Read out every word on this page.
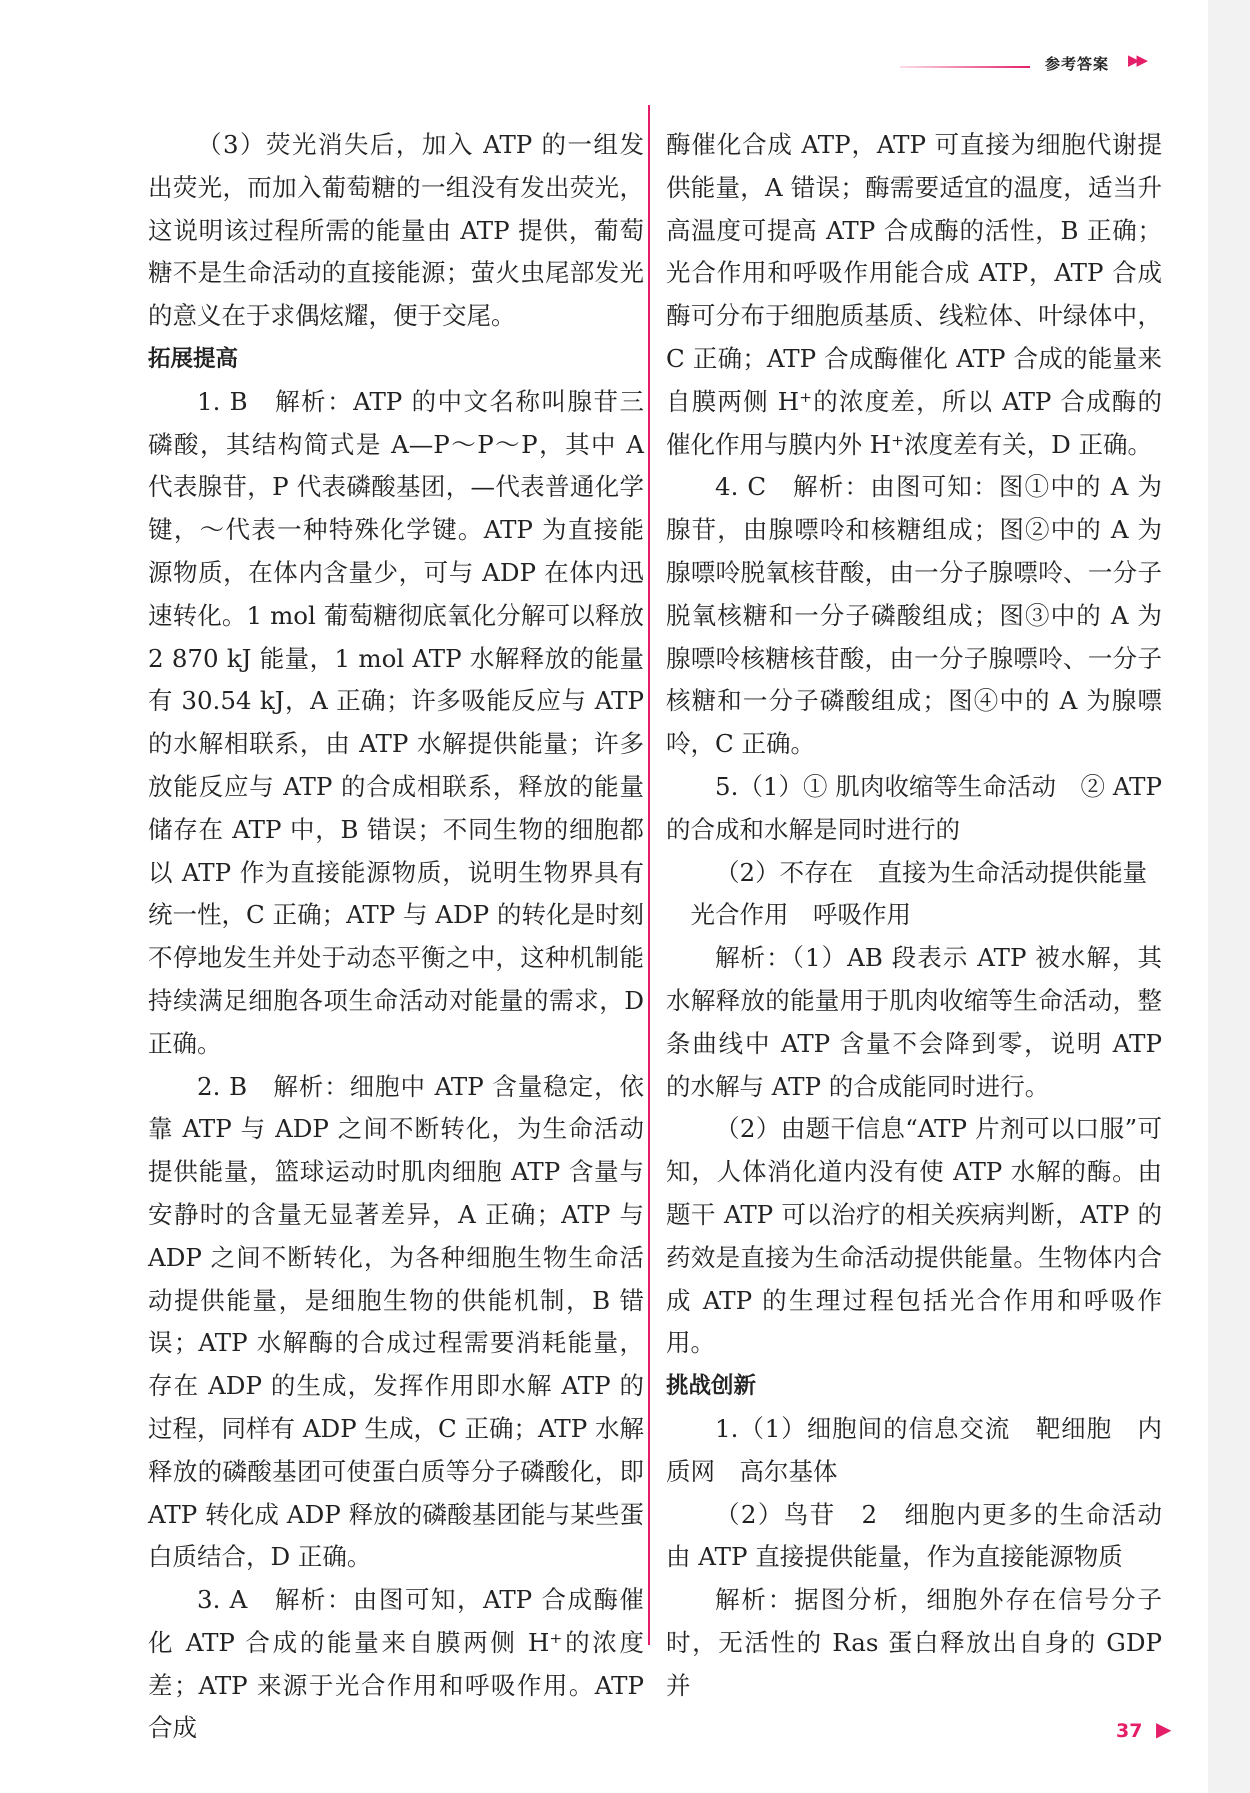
参考答案 ▶▶

（3）荧光消失后，加入 ATP 的一组发出荧光，而加入葡萄糖的一组没有发出荧光，这说明该过程所需的能量由 ATP 提供，葡萄糖不是生命活动的直接能源；萤火虫尾部发光的意义在于求偶炫耀，便于交尾。

拓展提高

1. B　解析：ATP 的中文名称叫腺苷三磷酸，其结构简式是 A—P～P～P，其中 A 代表腺苷，P 代表磷酸基团，—代表普通化学键，～代表一种特殊化学键。ATP 为直接能源物质，在体内含量少，可与 ADP 在体内迅速转化。1 mol 葡萄糖彻底氧化分解可以释放 2 870 kJ 能量，1 mol ATP 水解释放的能量有 30.54 kJ，A 正确；许多吸能反应与 ATP 的水解相联系，由 ATP 水解提供能量；许多放能反应与 ATP 的合成相联系，释放的能量储存在 ATP 中，B 错误；不同生物的细胞都以 ATP 作为直接能源物质，说明生物界具有统一性，C 正确；ATP 与 ADP 的转化是时刻不停地发生并处于动态平衡之中，这种机制能持续满足细胞各项生命活动对能量的需求，D 正确。

2. B　解析：细胞中 ATP 含量稳定，依靠 ATP 与 ADP 之间不断转化，为生命活动提供能量，篮球运动时肌肉细胞 ATP 含量与安静时的含量无显著差异，A 正确；ATP 与 ADP 之间不断转化，为各种细胞生物生命活动提供能量，是细胞生物的供能机制，B 错误；ATP 水解酶的合成过程需要消耗能量，存在 ADP 的生成，发挥作用即水解 ATP 的过程，同样有 ADP 生成，C 正确；ATP 水解释放的磷酸基团可使蛋白质等分子磷酸化，即 ATP 转化成 ADP 释放的磷酸基团能与某些蛋白质结合，D 正确。

3. A　解析：由图可知，ATP 合成酶催化 ATP 合成的能量来自膜两侧 H⁺的浓度差；ATP 来源于光合作用和呼吸作用。ATP 合成

酶催化合成 ATP，ATP 可直接为细胞代谢提供能量，A 错误；酶需要适宜的温度，适当升高温度可提高 ATP 合成酶的活性，B 正确；光合作用和呼吸作用能合成 ATP，ATP 合成酶可分布于细胞质基质、线粒体、叶绿体中，C 正确；ATP 合成酶催化 ATP 合成的能量来自膜两侧 H⁺的浓度差，所以 ATP 合成酶的催化作用与膜内外 H⁺浓度差有关，D 正确。

4. C　解析：由图可知：图①中的 A 为腺苷，由腺嘌呤和核糖组成；图②中的 A 为腺嘌呤脱氧核苷酸，由一分子腺嘌呤、一分子脱氧核糖和一分子磷酸组成；图③中的 A 为腺嘌呤核糖核苷酸，由一分子腺嘌呤、一分子核糖和一分子磷酸组成；图④中的 A 为腺嘌呤，C 正确。

5.（1）① 肌肉收缩等生命活动　② ATP 的合成和水解是同时进行的

（2）不存在　直接为生命活动提供能量

光合作用　呼吸作用

解析：（1）AB 段表示 ATP 被水解，其水解释放的能量用于肌肉收缩等生命活动，整条曲线中 ATP 含量不会降到零，说明 ATP 的水解与 ATP 的合成能同时进行。

（2）由题干信息“ATP 片剂可以口服”可知，人体消化道内没有使 ATP 水解的酶。由题干 ATP 可以治疗的相关疾病判断，ATP 的药效是直接为生命活动提供能量。生物体内合成 ATP 的生理过程包括光合作用和呼吸作用。

挑战创新

1.（1）细胞间的信息交流　靶细胞　内质网　高尔基体

（2）鸟苷　2　细胞内更多的生命活动由 ATP 直接提供能量，作为直接能源物质

解析：据图分析，细胞外存在信号分子时，无活性的 Ras 蛋白释放出自身的 GDP 并

37 ▶
